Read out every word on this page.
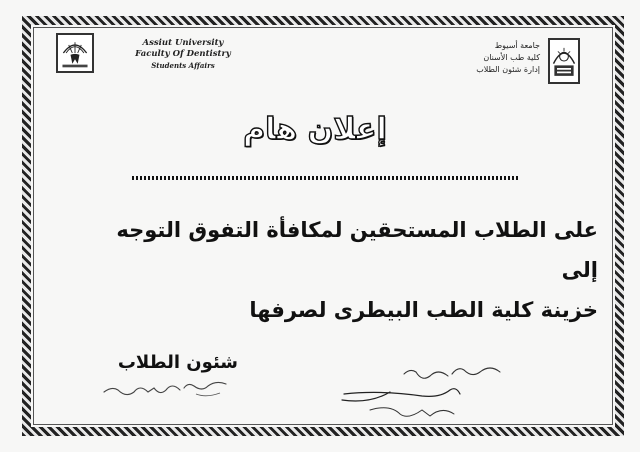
Assiut University
Faculty Of Dentistry
Students Affairs
جامعة أسيوط
كلية طب الأسنان
إدارة شئون الطلاب
إعلان هام
على الطلاب المستحقين لمكافأة التفوق التوجه إلى
خزينة كلية الطب البيطرى لصرفها
شئون الطلاب
